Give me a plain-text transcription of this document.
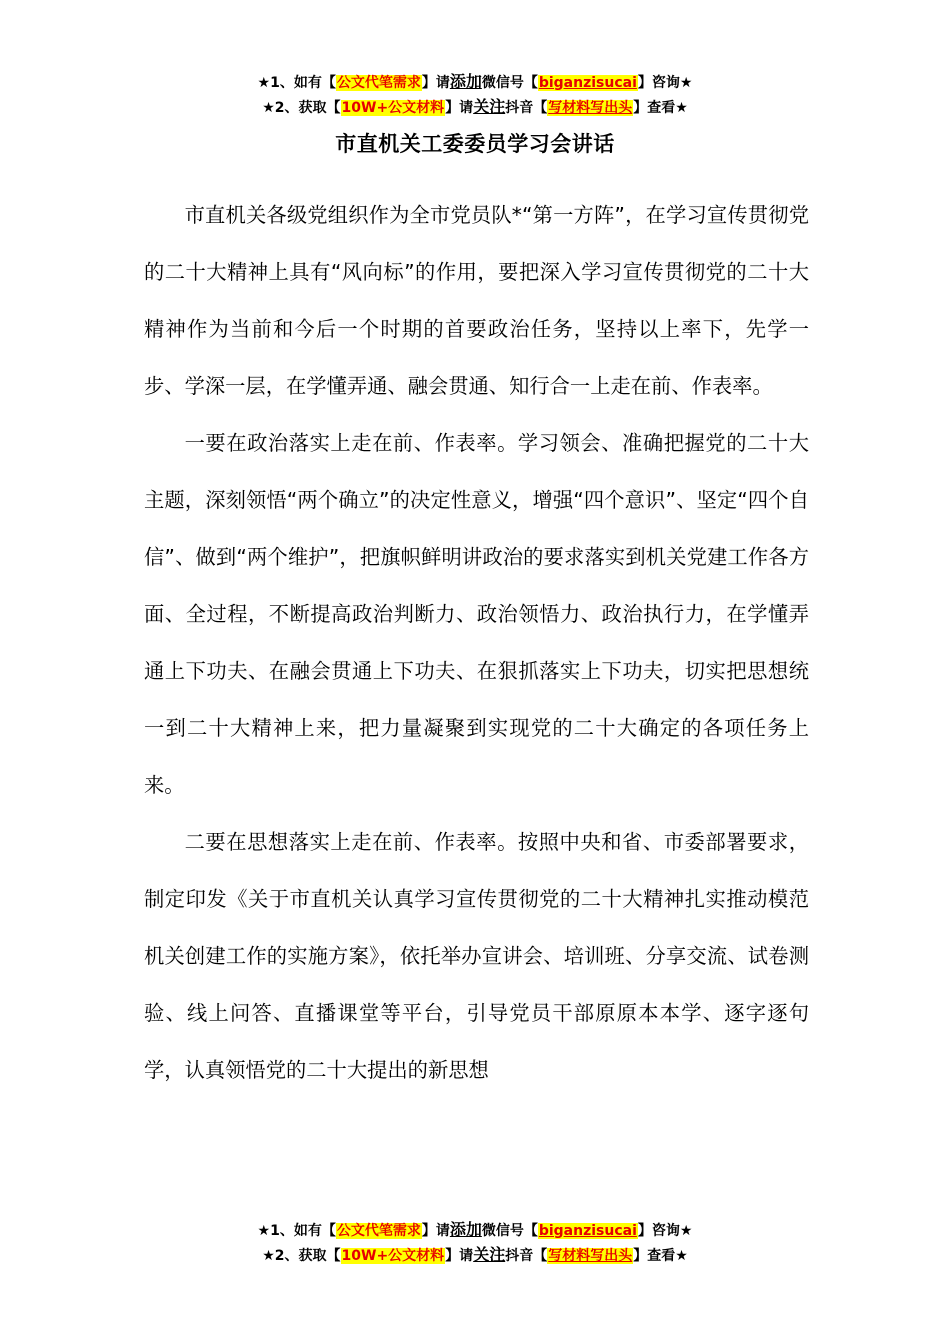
★1、如有【公文代笔需求】请添加微信号【biganzisucai】咨询★
★2、获取【10W+公文材料】请关注抖音【写材料写出头】查看★
市直机关工委委员学习会讲话

市直机关各级党组织作为全市党员队*“第一方阵”，在学习宣传贯彻党的二十大精神上具有“风向标”的作用，要把深入学习宣传贯彻党的二十大精神作为当前和今后一个时期的首要政治任务，坚持以上率下，先学一步、学深一层，在学懂弄通、融会贯通、知行合一上走在前、作表率。

一要在政治落实上走在前、作表率。学习领会、准确把握党的二十大主题，深刻领悟“两个确立”的决定性意义，增强“四个意识”、坚定“四个自信”、做到“两个维护”，把旗帜鲜明讲政治的要求落实到机关党建工作各方面、全过程，不断提高政治判断力、政治领悟力、政治执行力，在学懂弄通上下功夫、在融会贯通上下功夫、在狠抓落实上下功夫，切实把思想统一到二十大精神上来，把力量凝聚到实现党的二十大确定的各项任务上来。

二要在思想落实上走在前、作表率。按照中央和省、市委部署要求，制定印发《关于市直机关认真学习宣传贯彻党的二十大精神扎实推动模范机关创建工作的实施方案》，依托举办宣讲会、培训班、分享交流、试卷测验、线上问答、直播课堂等平台，引导党员干部原原本本学、逐字逐句学，认真领悟党的二十大提出的新思想

★1、如有【公文代笔需求】请添加微信号【biganzisucai】咨询★
★2、获取【10W+公文材料】请关注抖音【写材料写出头】查看★
